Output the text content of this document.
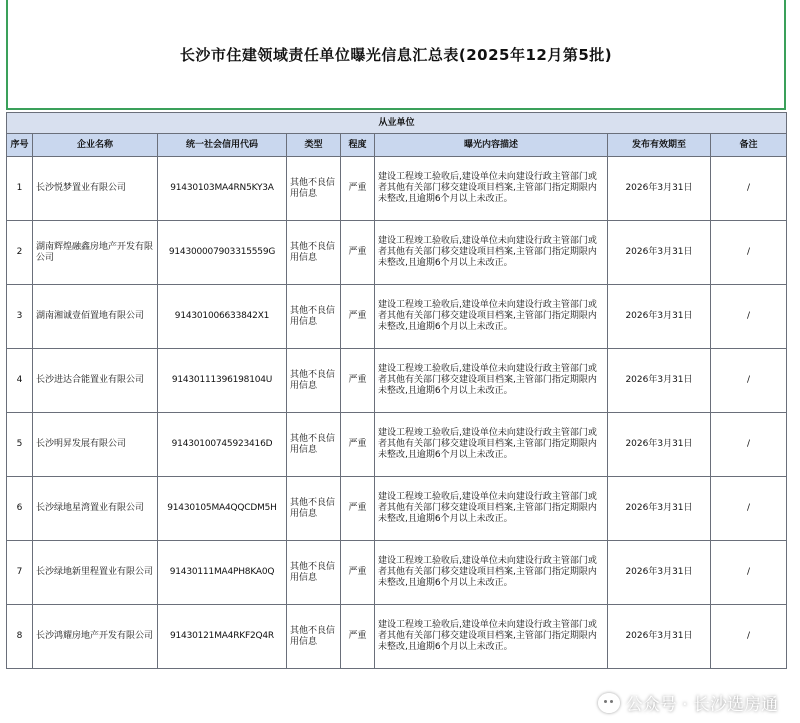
长沙市住建领域责任单位曝光信息汇总表(2025年12月第5批)
从业单位							
序号	企业名称	统一社会信用代码	类型	程度	曝光内容描述	发布有效期至	备注
1	长沙悦梦置业有限公司	91430103MA4RN5KY3A	其他不良信用信息	严重	建设工程竣工验收后,建设单位未向建设行政主管部门或者其他有关部门移交建设项目档案,主管部门指定期限内未整改,且逾期6个月以上未改正。	2026年3月31日	/
2	湖南辉煌融鑫房地产开发有限公司	914300007903315559G	其他不良信用信息	严重	建设工程竣工验收后,建设单位未向建设行政主管部门或者其他有关部门移交建设项目档案,主管部门指定期限内未整改,且逾期6个月以上未改正。	2026年3月31日	/
3	湖南湘诚壹佰置地有限公司	914301006633842X1	其他不良信用信息	严重	建设工程竣工验收后,建设单位未向建设行政主管部门或者其他有关部门移交建设项目档案,主管部门指定期限内未整改,且逾期6个月以上未改正。	2026年3月31日	/
4	长沙进达合能置业有限公司	91430111396198104U	其他不良信用信息	严重	建设工程竣工验收后,建设单位未向建设行政主管部门或者其他有关部门移交建设项目档案,主管部门指定期限内未整改,且逾期6个月以上未改正。	2026年3月31日	/
5	长沙明昇发展有限公司	91430100745923416D	其他不良信用信息	严重	建设工程竣工验收后,建设单位未向建设行政主管部门或者其他有关部门移交建设项目档案,主管部门指定期限内未整改,且逾期6个月以上未改正。	2026年3月31日	/
6	长沙绿地星湾置业有限公司	91430105MA4QQCDM5H	其他不良信用信息	严重	建设工程竣工验收后,建设单位未向建设行政主管部门或者其他有关部门移交建设项目档案,主管部门指定期限内未整改,且逾期6个月以上未改正。	2026年3月31日	/
7	长沙绿地新里程置业有限公司	91430111MA4PH8KA0Q	其他不良信用信息	严重	建设工程竣工验收后,建设单位未向建设行政主管部门或者其他有关部门移交建设项目档案,主管部门指定期限内未整改,且逾期6个月以上未改正。	2026年3月31日	/
8	长沙鸿耀房地产开发有限公司	91430121MA4RKF2Q4R	其他不良信用信息	严重	建设工程竣工验收后,建设单位未向建设行政主管部门或者其他有关部门移交建设项目档案,主管部门指定期限内未整改,且逾期6个月以上未改正。	2026年3月31日	/
公众号 · 长沙选房通
